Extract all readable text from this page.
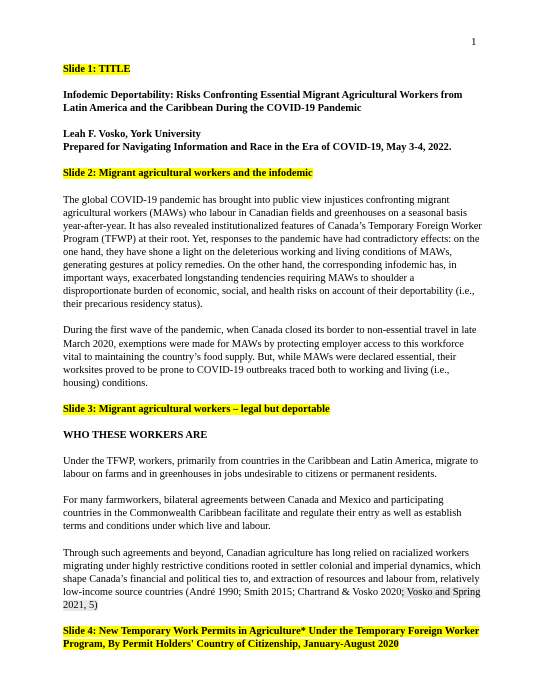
1

Slide 1: TITLE

Infodemic Deportability: Risks Confronting Essential Migrant Agricultural Workers from Latin America and the Caribbean During the COVID-19 Pandemic

Leah F. Vosko, York University
Prepared for Navigating Information and Race in the Era of COVID-19, May 3-4, 2022.

Slide 2: Migrant agricultural workers and the infodemic

The global COVID-19 pandemic has brought into public view injustices confronting migrant agricultural workers (MAWs) who labour in Canadian fields and greenhouses on a seasonal basis year-after-year. It has also revealed institutionalized features of Canada’s Temporary Foreign Worker Program (TFWP) at their root. Yet, responses to the pandemic have had contradictory effects: on the one hand, they have shone a light on the deleterious working and living conditions of MAWs, generating gestures at policy remedies. On the other hand, the corresponding infodemic has, in important ways, exacerbated longstanding tendencies requiring MAWs to shoulder a disproportionate burden of economic, social, and health risks on account of their deportability (i.e., their precarious residency status).

During the first wave of the pandemic, when Canada closed its border to non-essential travel in late March 2020, exemptions were made for MAWs by protecting employer access to this workforce vital to maintaining the country’s food supply. But, while MAWs were declared essential, their worksites proved to be prone to COVID-19 outbreaks traced both to working and living (i.e., housing) conditions.

Slide 3: Migrant agricultural workers – legal but deportable

WHO THESE WORKERS ARE

Under the TFWP, workers, primarily from countries in the Caribbean and Latin America, migrate to labour on farms and in greenhouses in jobs undesirable to citizens or permanent residents.

For many farmworkers, bilateral agreements between Canada and Mexico and participating countries in the Commonwealth Caribbean facilitate and regulate their entry as well as establish terms and conditions under which live and labour.

Through such agreements and beyond, Canadian agriculture has long relied on racialized workers migrating under highly restrictive conditions rooted in settler colonial and imperial dynamics, which shape Canada’s financial and political ties to, and extraction of resources and labour from, relatively low-income source countries (André 1990; Smith 2015; Chartrand & Vosko 2020; Vosko and Spring 2021, 5)

Slide 4: New Temporary Work Permits in Agriculture* Under the Temporary Foreign Worker Program, By Permit Holders' Country of Citizenship, January-August 2020
